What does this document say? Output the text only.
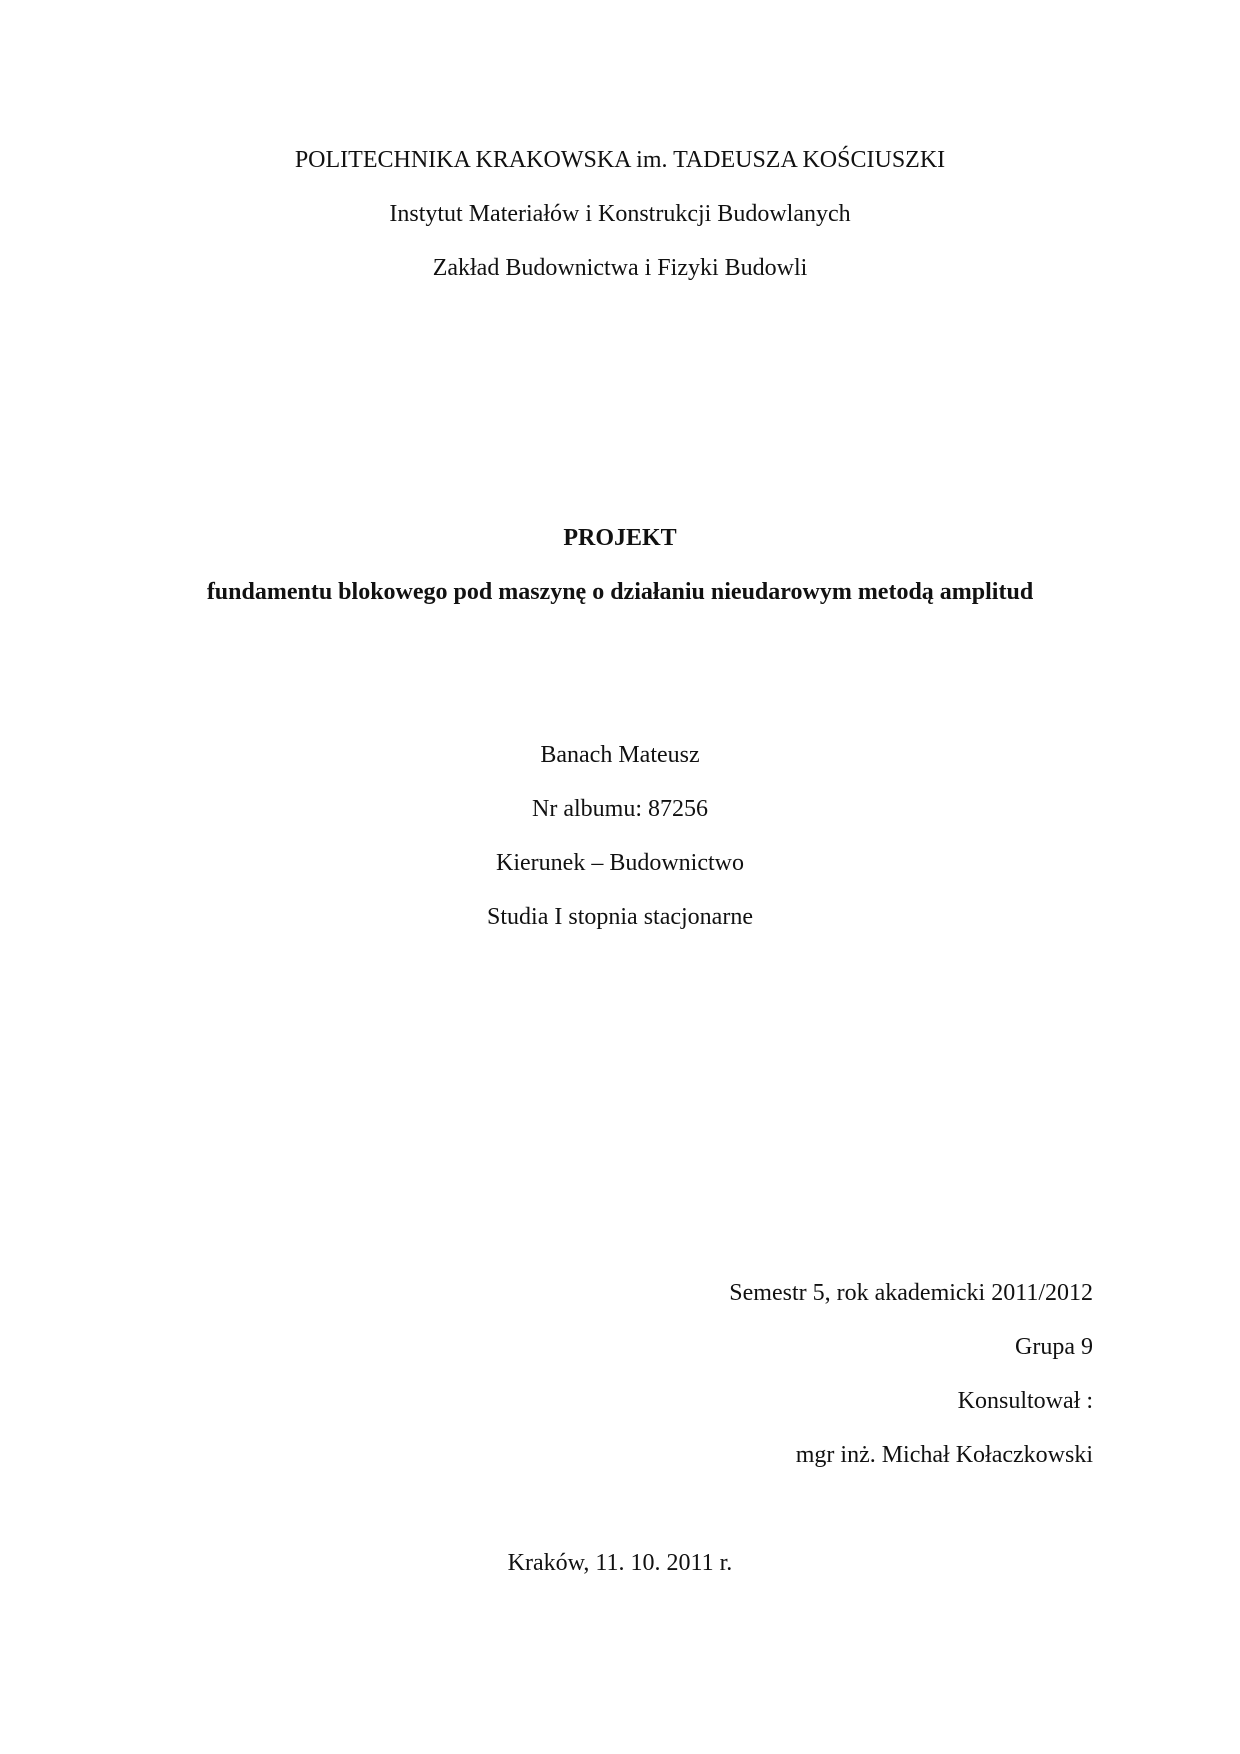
POLITECHNIKA KRAKOWSKA im. TADEUSZA KOŚCIUSZKI
Instytut Materiałów i Konstrukcji Budowlanych
Zakład Budownictwa i Fizyki Budowli
PROJEKT
fundamentu blokowego pod maszynę o działaniu nieudarowym metodą amplitud
Banach Mateusz
Nr albumu: 87256
Kierunek – Budownictwo
Studia I stopnia stacjonarne
Semestr 5, rok akademicki 2011/2012
Grupa 9
Konsultował :
mgr inż. Michał Kołaczkowski
Kraków, 11. 10. 2011 r.
